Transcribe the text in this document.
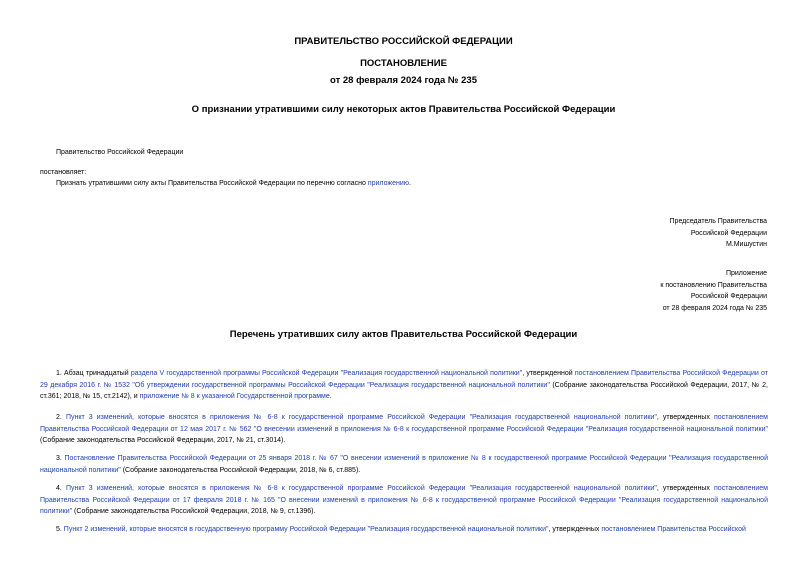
ПРАВИТЕЛЬСТВО РОССИЙСКОЙ ФЕДЕРАЦИИ
ПОСТАНОВЛЕНИЕ
от 28 февраля 2024 года № 235
О признании утратившими силу некоторых актов Правительства Российской Федерации
Правительство Российской Федерации
постановляет:
Признать утратившими силу акты Правительства Российской Федерации по перечню согласно приложению.
Председатель Правительства
Российской Федерации
М.Мишустин
Приложение
к постановлению Правительства
Российской Федерации
от 28 февраля 2024 года № 235
Перечень утративших силу актов Правительства Российской Федерации
1. Абзац тринадцатый раздела V государственной программы Российской Федерации "Реализация государственной национальной политики", утвержденной постановлением Правительства Российской Федерации от 29 декабря 2016 г. № 1532 "Об утверждении государственной программы Российской Федерации "Реализация государственной национальной политики" (Собрание законодательства Российской Федерации, 2017, № 2, ст.361; 2018, № 15, ст.2142), и приложение № 8 к указанной Государственной программе.
2. Пункт 3 изменений, которые вносятся в приложения № 6-8 к государственной программе Российской Федерации "Реализация государственной национальной политики", утвержденных постановлением Правительства Российской Федерации от 12 мая 2017 г. № 562 "О внесении изменений в приложения № 6-8 к государственной программе Российской Федерации "Реализация государственной национальной политики" (Собрание законодательства Российской Федерации, 2017, № 21, ст.3014).
3. Постановление Правительства Российской Федерации от 25 января 2018 г. № 67 "О внесении изменений в приложение № 8 к государственной программе Российской Федерации "Реализация государственной национальной политики" (Собрание законодательства Российской Федерации, 2018, № 6, ст.885).
4. Пункт 3 изменений, которые вносятся в приложения № 6-8 к государственной программе Российской Федерации "Реализация государственной национальной политики", утвержденных постановлением Правительства Российской Федерации от 17 февраля 2018 г. № 165 "О внесении изменений в приложения № 6-8 к государственной программе Российской Федерации "Реализация государственной национальной политики" (Собрание законодательства Российской Федерации, 2018, № 9, ст.1396).
5. Пункт 2 изменений, которые вносятся в государственную программу Российской Федерации "Реализация государственной национальной политики", утвержденных постановлением Правительства Российской
